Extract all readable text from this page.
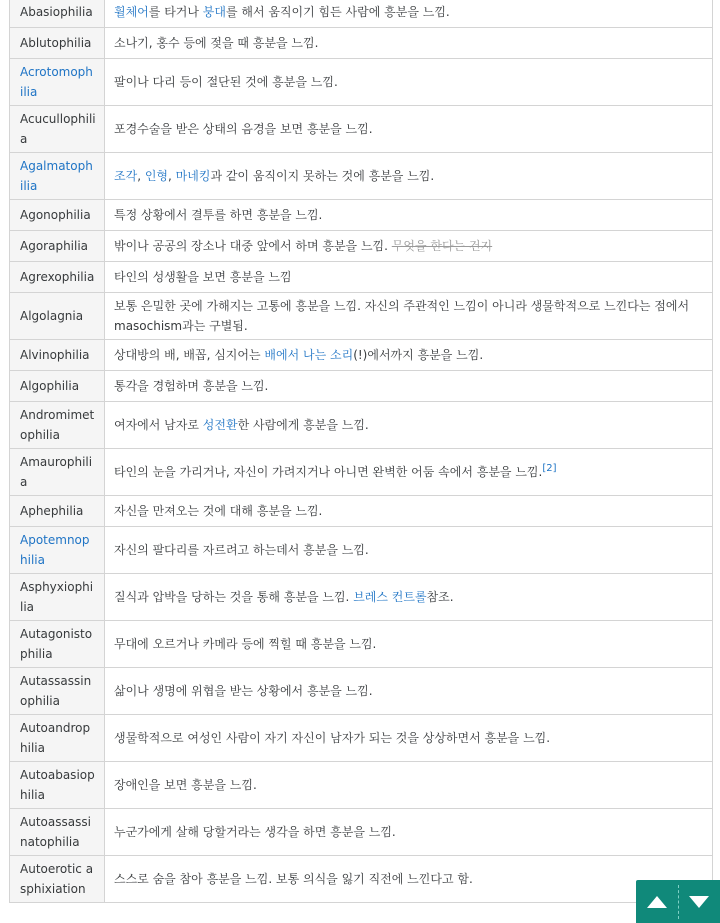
Abasiophilia	휠체어를 타거나 붕대를 해서 움직이기 힘든 사람에 흥분을 느낌.
Ablutophilia	소나기, 홍수 등에 젖을 때 흥분을 느낌.
Acrotomophilia	팔이나 다리 등이 절단된 것에 흥분을 느낌.
Acucullophilia	포경수술을 받은 상태의 음경을 보면 흥분을 느낌.
Agalmatophilia	조각, 인형, 마네킹과 같이 움직이지 못하는 것에 흥분을 느낌.
Agonophilia	특정 상황에서 결투를 하면 흥분을 느낌.
Agoraphilia	밖이나 공공의 장소나 대중 앞에서 하며 흥분을 느낌. 무엇을 한다는 건지
Agrexophilia	타인의 성생활을 보면 흥분을 느낌
Algolagnia	보통 은밀한 곳에 가해지는 고통에 흥분을 느낌. 자신의 주관적인 느낌이 아니라 생물학적으로 느낀다는 점에서 masochism과는 구별됨.
Alvinophilia	상대방의 배, 배꼽, 심지어는 배에서 나는 소리(!)에서까지 흥분을 느낌.
Algophilia	통각을 경험하며 흥분을 느낌.
Andromimetophilia	여자에서 남자로 성전환한 사람에게 흥분을 느낌.
Amaurophilia	타인의 눈을 가리거나, 자신이 가려지거나 아니면 완벽한 어둠 속에서 흥분을 느낌.[2]
Aphephilia	자신을 만져오는 것에 대해 흥분을 느낌.
Apotemnophilia	자신의 팔다리를 자르려고 하는데서 흥분을 느낌.
Asphyxiophilia	질식과 압박을 당하는 것을 통해 흥분을 느낌. 브레스 컨트롤참조.
Autagonistophilia	무대에 오르거나 카메라 등에 찍힐 때 흥분을 느낌.
Autassassinophilia	삶이나 생명에 위협을 받는 상황에서 흥분을 느낌.
Autoandrophilia	생물학적으로 여성인 사람이 자기 자신이 남자가 되는 것을 상상하면서 흥분을 느낌.
Autoabasiophilia	장애인을 보면 흥분을 느낌.
Autoassassinatophilia	누군가에게 살해 당할거라는 생각을 하면 흥분을 느낌.
Autoerotic asphixiation	스스로 숨을 참아 흥분을 느낌. 보통 의식을 잃기 직전에 느낀다고 함.
